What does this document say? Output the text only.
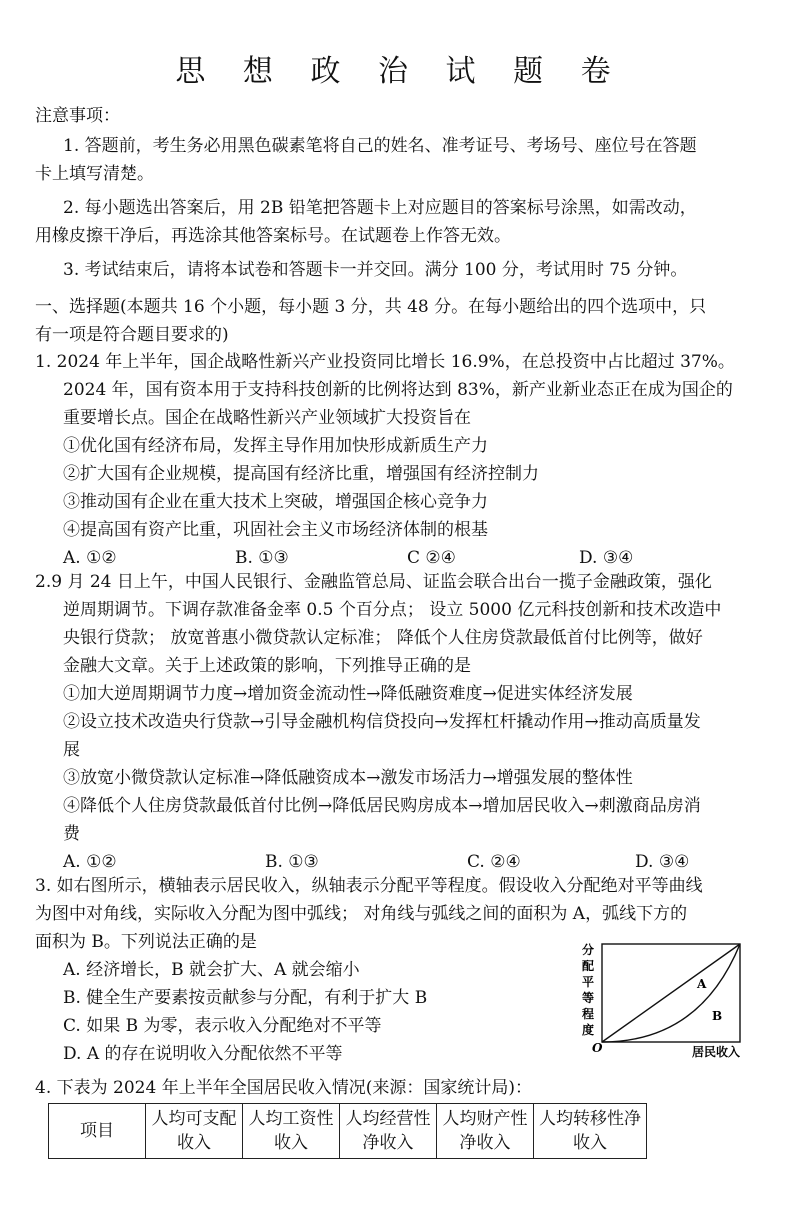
思 想 政 治 试 题 卷
注意事项：
1. 答题前，考生务必用黑色碳素笔将自己的姓名、准考证号、考场号、座位号在答题
卡上填写清楚。
2. 每小题选出答案后，用 2B 铅笔把答题卡上对应题目的答案标号涂黑，如需改动，
用橡皮擦干净后，再选涂其他答案标号。在试题卷上作答无效。
3. 考试结束后，请将本试卷和答题卡一并交回。满分 100 分，考试用时 75 分钟。
一、选择题(本题共 16 个小题，每小题 3 分，共 48 分。在每小题给出的四个选项中，只
有一项是符合题目要求的)
1. 2024 年上半年，国企战略性新兴产业投资同比增长 16.9%，在总投资中占比超过 37%。
2024 年，国有资本用于支持科技创新的比例将达到 83%，新产业新业态正在成为国企的
重要增长点。国企在战略性新兴产业领域扩大投资旨在
①优化国有经济布局，发挥主导作用加快形成新质生产力
②扩大国有企业规模，提高国有经济比重，增强国有经济控制力
③推动国有企业在重大技术上突破，增强国企核心竞争力
④提高国有资产比重，巩固社会主义市场经济体制的根基
A. ①②	B. ①③	C ②④	D. ③④
2.9 月 24 日上午，中国人民银行、金融监管总局、证监会联合出台一揽子金融政策，强化
逆周期调节。下调存款准备金率 0.5 个百分点； 设立 5000 亿元科技创新和技术改造中
央银行贷款； 放宽普惠小微贷款认定标准； 降低个人住房贷款最低首付比例等，做好
金融大文章。关于上述政策的影响，下列推导正确的是
①加大逆周期调节力度→增加资金流动性→降低融资难度→促进实体经济发展
②设立技术改造央行贷款→引导金融机构信贷投向→发挥杠杆撬动作用→推动高质量发
展
③放宽小微贷款认定标准→降低融资成本→激发市场活力→增强发展的整体性
④降低个人住房贷款最低首付比例→降低居民购房成本→增加居民收入→刺激商品房消
费
A. ①②	B. ①③	C. ②④	D. ③④
3. 如右图所示，横轴表示居民收入，纵轴表示分配平等程度。假设收入分配绝对平等曲线
为图中对角线，实际收入分配为图中弧线； 对角线与弧线之间的面积为 A，弧线下方的
面积为 B。下列说法正确的是
A. 经济增长，B 就会扩大、A 就会缩小
B. 健全生产要素按贡献参与分配，有利于扩大 B
C. 如果 B 为零，表示收入分配绝对不平等
D. A 的存在说明收入分配依然不平等
分
配
平
等
程
度
A
B
O	居民收入
4. 下表为 2024 年上半年全国居民收入情况(来源：国家统计局)：
项目	人均可支配收入	人均工资性收入	人均经营性净收入	人均财产性净收入	人均转移性净收入
